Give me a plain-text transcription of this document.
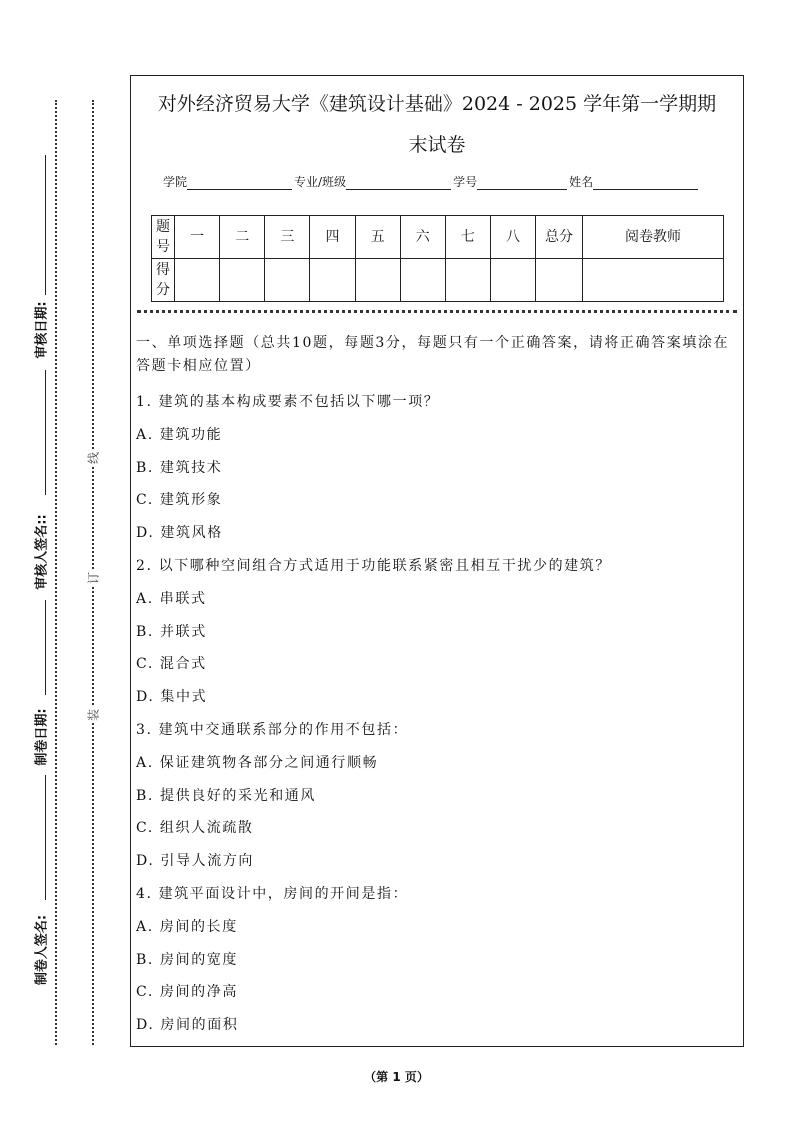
审核日期:
审核人签名::
制卷日期:
制卷人签名:
线
订
装
对外经济贸易大学《建筑设计基础》2024 - 2025 学年第一学期期
末试卷
学院	专业/班级	学号	姓名
题号	一	二	三	四	五	六	七	八	总分	阅卷教师
得分										
一、单项选择题（总共10题，每题3分，每题只有一个正确答案，请将正确答案填涂在答题卡相应位置）
1. 建筑的基本构成要素不包括以下哪一项？
A. 建筑功能
B. 建筑技术
C. 建筑形象
D. 建筑风格
2. 以下哪种空间组合方式适用于功能联系紧密且相互干扰少的建筑？
A. 串联式
B. 并联式
C. 混合式
D. 集中式
3. 建筑中交通联系部分的作用不包括：
A. 保证建筑物各部分之间通行顺畅
B. 提供良好的采光和通风
C. 组织人流疏散
D. 引导人流方向
4. 建筑平面设计中，房间的开间是指：
A. 房间的长度
B. 房间的宽度
C. 房间的净高
D. 房间的面积
（第 1 页）
